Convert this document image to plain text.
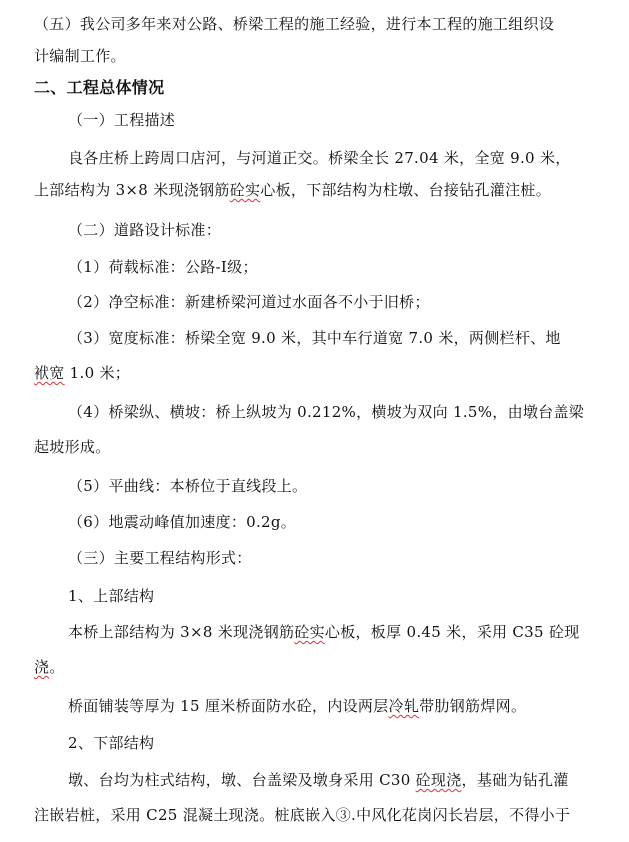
（五）我公司多年来对公路、桥梁工程的施工经验，进行本工程的施工组织设
计编制工作。
二、工程总体情况
（一）工程描述
良各庄桥上跨周口店河，与河道正交。桥梁全长 27.04 米，全宽 9.0 米，
上部结构为 3×8 米现浇钢筋砼实心板，下部结构为柱墩、台接钻孔灌注桩。
（二）道路设计标准：
（1）荷载标准：公路-Ⅰ级；
（2）净空标准：新建桥梁河道过水面各不小于旧桥；
（3）宽度标准：桥梁全宽 9.0 米，其中车行道宽 7.0 米，两侧栏杆、地
袱宽 1.0 米；
（4）桥梁纵、横坡：桥上纵坡为 0.212%，横坡为双向 1.5%，由墩台盖梁
起坡形成。
（5）平曲线：本桥位于直线段上。
（6）地震动峰值加速度：0.2g。
（三）主要工程结构形式：
1、上部结构
本桥上部结构为 3×8 米现浇钢筋砼实心板，板厚 0.45 米，采用 C35 砼现
浇。
桥面铺装等厚为 15 厘米桥面防水砼，内设两层冷轧带肋钢筋焊网。
2、下部结构
墩、台均为柱式结构，墩、台盖梁及墩身采用 C30 砼现浇，基础为钻孔灌
注嵌岩桩，采用 C25 混凝土现浇。桩底嵌入③.中风化花岗闪长岩层，不得小于
